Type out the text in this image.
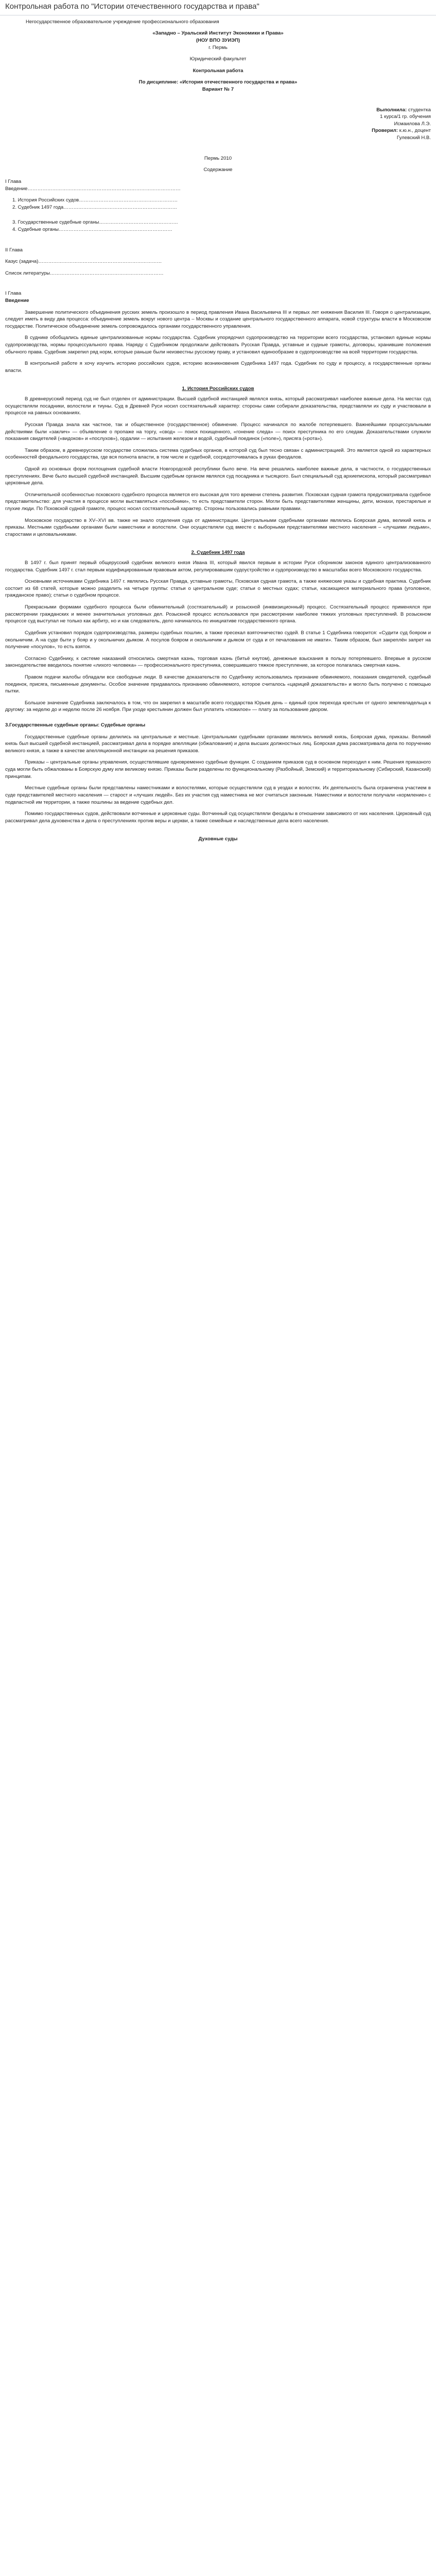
Контрольная работа по "Истории отечественного государства и права"

Негосударственное образовательное учреждение профессионального образования

«Западно – Уральский Институт Экономики и Права»

(НОУ ВПО ЗУИЭП)

г. Пермь

Юридический факультет

Контрольная работа

По дисциплине: «История отечественного государства и права»

Вариант № 7

Выполнила: студентка

1 курса/1 гр. обучения

Исмаилова Л.Э.

Проверил: к.ю.н., доцент

Гулевский Н.В.

Пермь 2010

Содержание

I Глава

Введение…………………………………………………………………………………

1. История Российских судов……………………………………………………

2. Судебник 1497 года……………………………………………………………

3. Государственные судебные органы…………………………………………

4. Судебные органы……………………………………………………………

II Глава

Казус (задача)…………………………………………………………………

Список литературы……………………………………………………………

I Глава

Введение

Завершение политического объединения русских земель произошло в период правления Ивана Васильевича III и первых лет княжения Василия III. Говоря о централизации, следует иметь в виду два процесса: объединение земель вокруг нового центра – Москвы и создание центрального государственного аппарата, новой структуры власти в Московском государстве. Политическое объединение земель сопровождалось органами государственного управления.

В суднике обобщались единые централизованные нормы государства. Судебник упорядочил судопроизводство на территории всего государства, установил единые нормы судопроизводства, нормы процессуального права. Наряду с Судебником продолжали действовать Русская Правда, уставные и судные грамоты, договоры, хранившие положения обычного права. Судебник закрепил ряд норм, которые раньше были неизвестны русскому праву, и установил единообразие в судопроизводстве на всей территории государства.

В контрольной работе я хочу изучить историю российских судов, историю возникновения Судебника 1497 года. Судебник по суду и процессу, а государственные органы власти.

1. История Российских судов

В древнерусский период суд не был отделен от администрации. Высшей судебной инстанцией являлся князь, который рассматривал наиболее важные дела. На местах суд осуществляли посадники, волостели и тиуны. Суд в Древней Руси носил состязательный характер: стороны сами собирали доказательства, представляли их суду и участвовали в процессе на равных основаниях.

Русская Правда знала как частное, так и общественное (государственное) обвинение. Процесс начинался по жалобе потерпевшего. Важнейшими процессуальными действиями были «заклич» — объявление о пропаже на торгу, «свод» — поиск похищенного, «гонение следа» — поиск преступника по его следам. Доказательствами служили показания свидетелей («видоков» и «послухов»), ордалии — испытания железом и водой, судебный поединок («поле»), присяга («рота»).

Таким образом, в древнерусском государстве сложилась система судебных органов, в которой суд был тесно связан с администрацией. Это является одной из характерных особенностей феодального государства, где вся полнота власти, в том числе и судебной, сосредоточивалась в руках феодалов.

Одной из основных форм поглощения судебной власти Новгородской республики было вече. На вече решались наиболее важные дела, в частности, о государственных преступлениях. Вече было высшей судебной инстанцией. Высшим судебным органом являлся суд посадника и тысяцкого. Был специальный суд архиепископа, который рассматривал церковные дела.

Отличительной особенностью псковского судебного процесса является его высокая для того времени степень развития. Псковская судная грамота предусматривала судебное представительство: для участия в процессе могли выставляться «пособники», то есть представители сторон. Могли быть представителями женщины, дети, монахи, престарелые и глухие люди. По Псковской судной грамоте, процесс носил состязательный характер. Стороны пользовались равными правами.

Московское государство в XV–XVI вв. также не знало отделения суда от администрации. Центральными судебными органами являлись Боярская дума, великий князь и приказы. Местными судебными органами были наместники и волостели. Они осуществляли суд вместе с выборными представителями местного населения – «лучшими людьми», старостами и целовальниками.

2. Судебник 1497 года

В 1497 г. был принят первый общерусский судебник великого князя Ивана III, который явился первым в истории Руси сборником законов единого централизованного государства. Судебник 1497 г. стал первым кодифицированным правовым актом, регулировавшим судоустройство и судопроизводство в масштабах всего Московского государства.

Основными источниками Судебника 1497 г. являлись Русская Правда, уставные грамоты, Псковская судная грамота, а также княжеские указы и судебная практика. Судебник состоит из 68 статей, которые можно разделить на четыре группы: статьи о центральном суде; статьи о местных судах; статьи, касающиеся материального права (уголовное, гражданское право); статьи о судебном процессе.

Прекрасными формами судебного процесса были обвинительный (состязательный) и розыскной (инквизиционный) процесс. Состязательный процесс применялся при рассмотрении гражданских и менее значительных уголовных дел. Розыскной процесс использовался при рассмотрении наиболее тяжких уголовных преступлений. В розыскном процессе суд выступал не только как арбитр, но и как следователь, дело начиналось по инициативе государственного органа.

Судебник установил порядок судопроизводства, размеры судебных пошлин, а также пресекал взяточничество судей. В статье 1 Судебника говорится: «Судити суд бояром и окольничим. А на суде быти у бояр и у окольничих дьяком. А посулов бояром и окольничим и дьяком от суда и от печалования не имати». Таким образом, был закреплён запрет на получение «посулов», то есть взяток.

Согласно Судебнику, к системе наказаний относились смертная казнь, торговая казнь (битьё кнутом), денежные взыскания в пользу потерпевшего. Впервые в русском законодательстве вводилось понятие «лихого человека» — профессионального преступника, совершившего тяжкое преступление, за которое полагалась смертная казнь.

Правом подачи жалобы обладали все свободные люди. В качестве доказательств по Судебнику использовались признание обвиняемого, показания свидетелей, судебный поединок, присяга, письменные документы. Особое значение придавалось признанию обвиняемого, которое считалось «царицей доказательств» и могло быть получено с помощью пытки.

Большое значение Судебника заключалось в том, что он закрепил в масштабе всего государства Юрьев день – единый срок перехода крестьян от одного землевладельца к другому: за неделю до и неделю после 26 ноября. При уходе крестьянин должен был уплатить «пожилое» — плату за пользование двором.

3.Государственные судебные органы: Судебные органы

Государственные судебные органы делились на центральные и местные. Центральными судебными органами являлись великий князь, Боярская дума, приказы. Великий князь был высшей судебной инстанцией, рассматривал дела в порядке апелляции (обжалования) и дела высших должностных лиц. Боярская дума рассматривала дела по поручению великого князя, а также в качестве апелляционной инстанции на решения приказов.

Приказы – центральные органы управления, осуществлявшие одновременно судебные функции. С созданием приказов суд в основном переходил к ним. Решения приказного суда могли быть обжалованы в Боярскую думу или великому князю. Приказы были разделены по функциональному (Разбойный, Земский) и территориальному (Сибирский, Казанский) принципам.

Местные судебные органы были представлены наместниками и волостелями, которые осуществляли суд в уездах и волостях. Их деятельность была ограничена участием в суде представителей местного населения — старост и «лучших людей». Без их участия суд наместника не мог считаться законным. Наместники и волостели получали «кормление» с подвластной им территории, а также пошлины за ведение судебных дел.

Помимо государственных судов, действовали вотчинные и церковные суды. Вотчинный суд осуществляли феодалы в отношении зависимого от них населения. Церковный суд рассматривал дела духовенства и дела о преступлениях против веры и церкви, а также семейные и наследственные дела всего населения.

Духовные суды
